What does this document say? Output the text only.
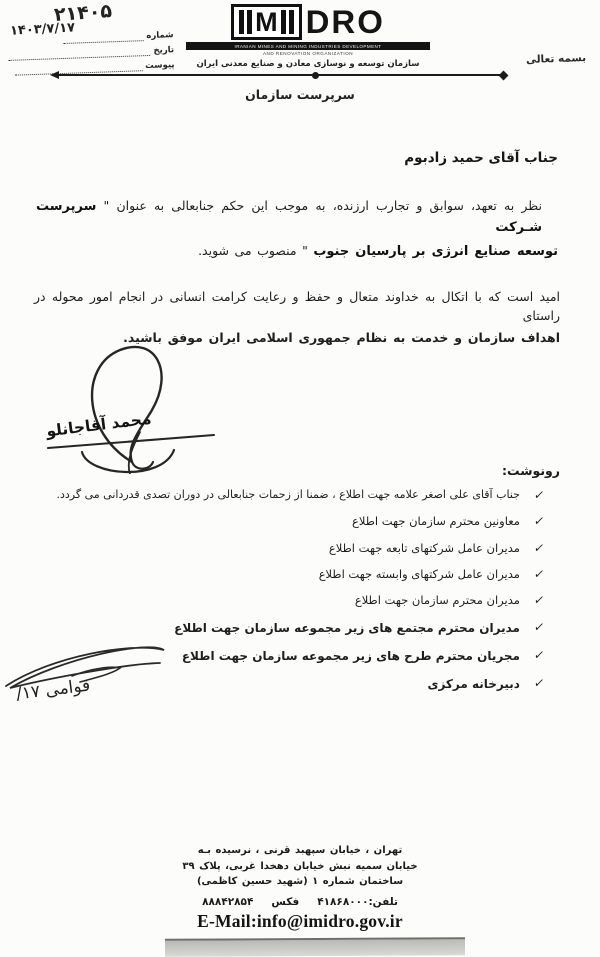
۲۱۴۰۵
۱۴۰۳/۷/۱۷	شماره
تاریخ
پیوست
M DRO
IRANIAN MINES AND MINING INDUSTRIES DEVELOPMENT
AND RENOVATION ORGANIZATION
سازمان توسعه و نوسازی معادن و صنایع معدنی ایران	بسمه تعالی
سرپرست سازمان
جناب آقای حمید زادبوم
نظر به تعهد، سوابق و تجارب ارزنده، به موجب این حکم جنابعالی به عنوان " سرپرست شـرکت
توسعه صنایع انرژی بر پارسیان جنوب " منصوب می شوید.
امید است که با اتکال به خداوند متعال و حفظ و رعایت کرامت انسانی در انجام امور محوله در راستای
اهداف سازمان و خدمت به نظام جمهوری اسلامی ایران موفق باشید.
محمد آقاجانلو
رونوشت:
✓
جناب آقای علی اصغر علامه جهت اطلاع ، ضمنا از زحمات جنابعالی در دوران تصدی قدردانی می گردد.
✓
معاونین محترم سازمان جهت اطلاع
✓
مدیران عامل شرکتهای تابعه جهت اطلاع
✓
مدیران عامل شرکتهای وابسته جهت اطلاع
✓
مدیران محترم سازمان جهت اطلاع
✓
مدیران محترم مجتمع های زیر مجموعه سازمان جهت اطلاع
✓
مجریان محترم طرح های زیر مجموعه سازمان جهت اطلاع
✓
دبیرخانه مرکزی
قوامی ۱۷/
تهران ، خیابان سپهبد قرنی ، نرسیده بـه
خیابان سمیه نبش خیابان دهخدا غربی، پلاک ۳۹
ساختمان شماره ۱ (شهید حسین کاظمی)
تلفن:۴۱۸۶۸۰۰۰
فکس
۸۸۸۴۲۸۵۴
E-Mail:info@imidro.gov.ir
